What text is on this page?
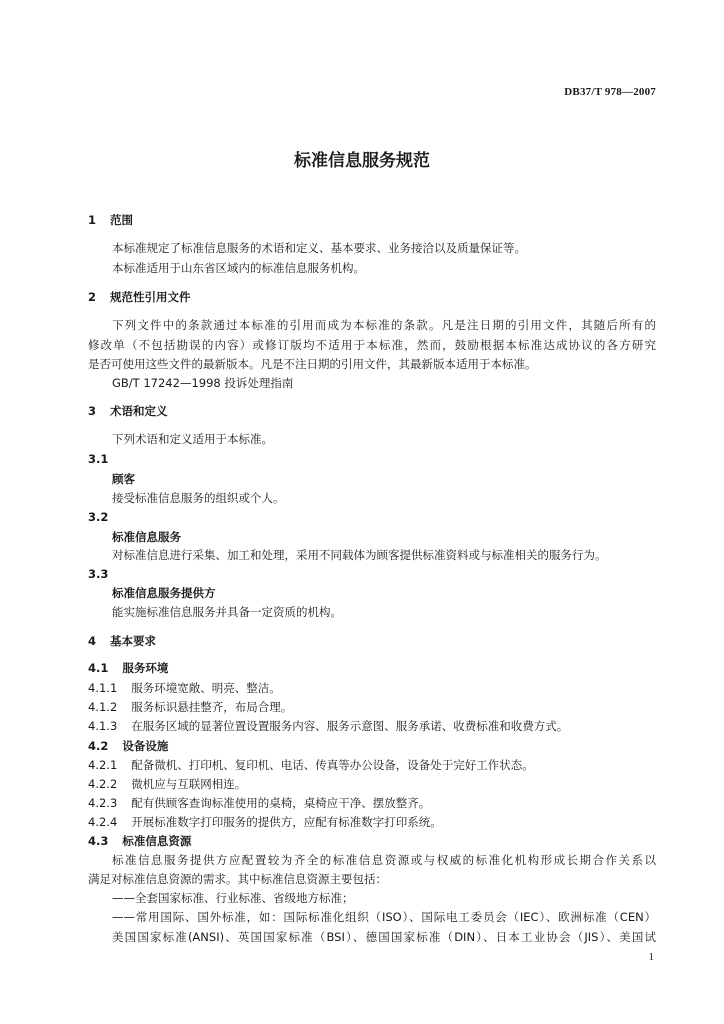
DB37/T 978—2007
标准信息服务规范
1 范围
本标准规定了标准信息服务的术语和定义、基本要求、业务接洽以及质量保证等。
本标准适用于山东省区域内的标准信息服务机构。
2 规范性引用文件
下列文件中的条款通过本标准的引用而成为本标准的条款。凡是注日期的引用文件，其随后所有的
修改单（不包括勘误的内容）或修订版均不适用于本标准，然而，鼓励根据本标准达成协议的各方研究
是否可使用这些文件的最新版本。凡是不注日期的引用文件，其最新版本适用于本标准。
GB/T 17242—1998 投诉处理指南
3 术语和定义
下列术语和定义适用于本标准。
3.1
顾客
接受标准信息服务的组织或个人。
3.2
标准信息服务
对标准信息进行采集、加工和处理，采用不同载体为顾客提供标准资料或与标准相关的服务行为。
3.3
标准信息服务提供方
能实施标准信息服务并具备一定资质的机构。
4 基本要求
4.1 服务环境
4.1.1 服务环境宽敞、明亮、整洁。
4.1.2 服务标识悬挂整齐，布局合理。
4.1.3 在服务区域的显著位置设置服务内容、服务示意图、服务承诺、收费标准和收费方式。
4.2 设备设施
4.2.1 配备微机、打印机、复印机、电话、传真等办公设备，设备处于完好工作状态。
4.2.2 微机应与互联网相连。
4.2.3 配有供顾客查询标准使用的桌椅，桌椅应干净、摆放整齐。
4.2.4 开展标准数字打印服务的提供方，应配有标准数字打印系统。
4.3 标准信息资源
标准信息服务提供方应配置较为齐全的标准信息资源或与权威的标准化机构形成长期合作关系以
满足对标准信息资源的需求。其中标准信息资源主要包括：
——全套国家标准、行业标准、省级地方标准；
——常用国际、国外标准，如：国际标准化组织（ISO）、国际电工委员会（IEC）、欧洲标准（CEN）
美国国家标准(ANSI)、英国国家标准（BSI）、德国国家标准（DIN）、日本工业协会（JIS）、美国试
1
